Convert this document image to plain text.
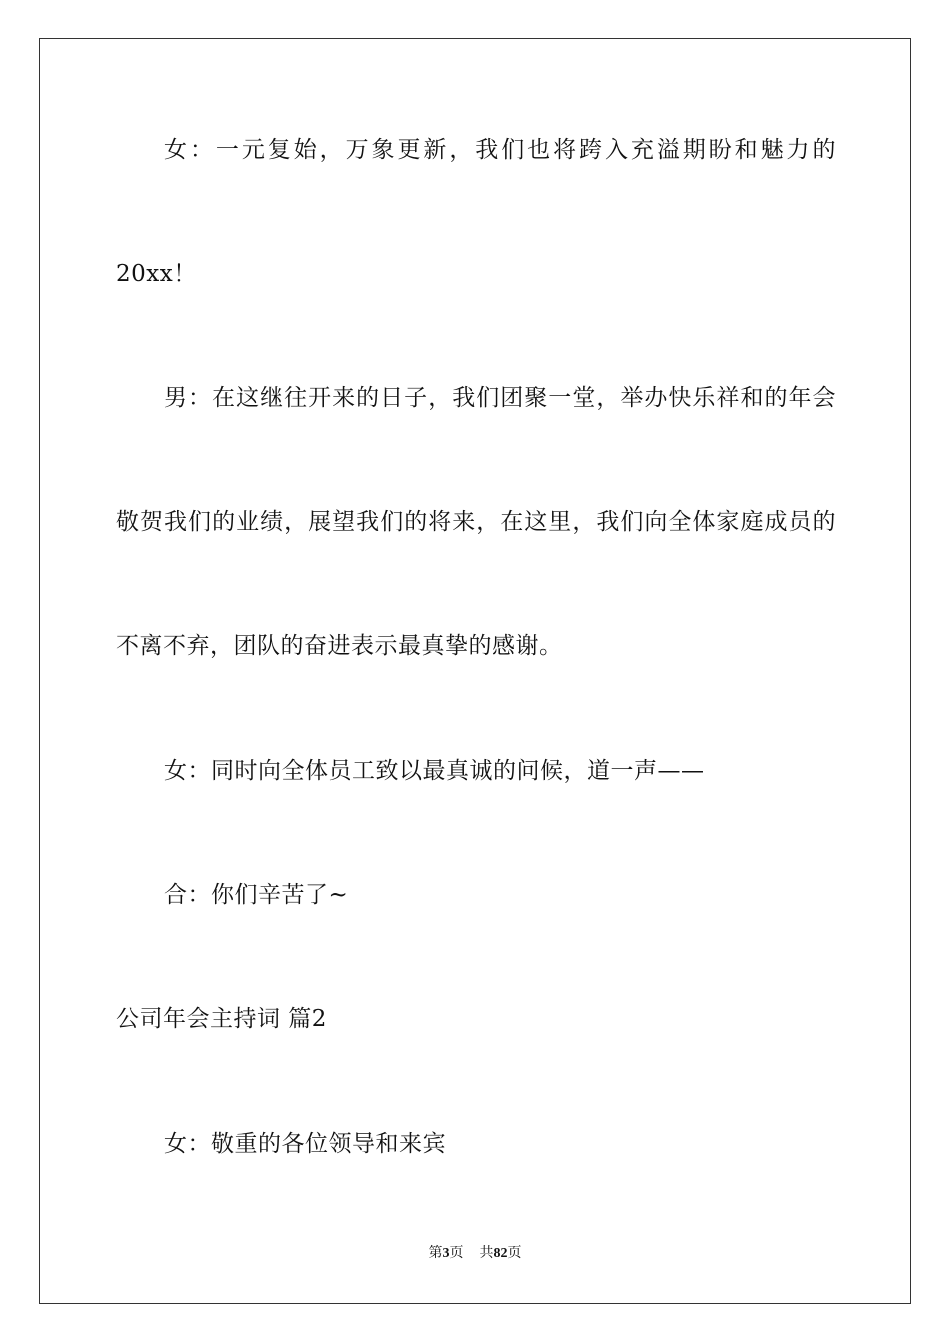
女：一元复始，万象更新，我们也将跨入充溢期盼和魅力的
20xx！
男：在这继往开来的日子，我们团聚一堂，举办快乐祥和的年会
敬贺我们的业绩，展望我们的将来，在这里，我们向全体家庭成员的
不离不弃，团队的奋进表示最真挚的感谢。
女：同时向全体员工致以最真诚的问候，道一声——
合：你们辛苦了~
公司年会主持词 篇2
女：敬重的各位领导和来宾
第3页 共82页
